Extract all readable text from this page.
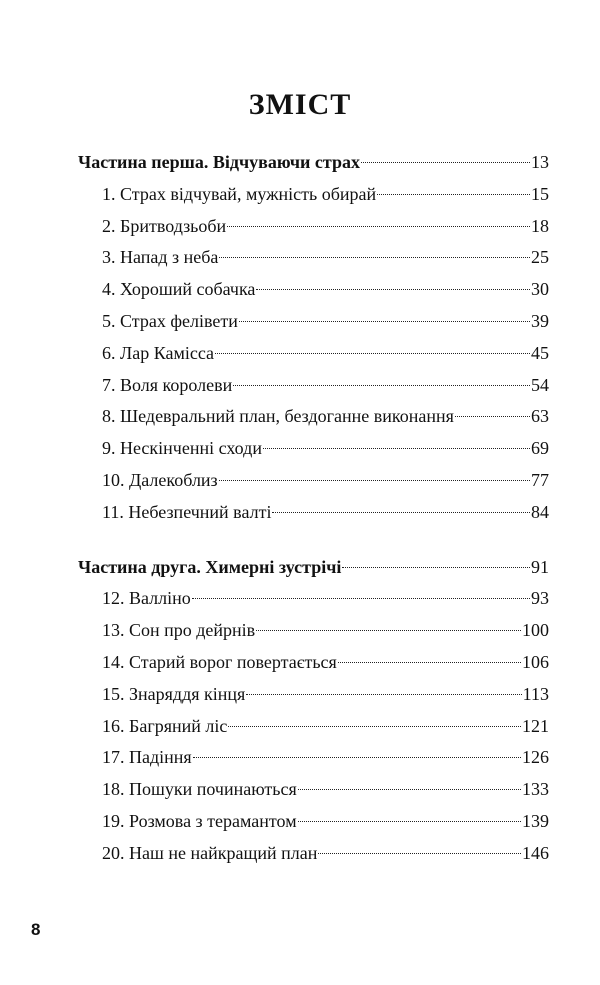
ЗМІСТ
Частина перша. Відчуваючи страх	13
1. Страх відчувай, мужність обирай	15
2. Бритводзьоби	18
3. Напад з неба	25
4. Хороший собачка	30
5. Страх фелівети	39
6. Лар Камісса	45
7. Воля королеви	54
8. Шедевральний план, бездоганне виконання	63
9. Нескінченні сходи	69
10. Далекоблиз	77
11. Небезпечний валті	84
Частина друга. Химерні зустрічі	91
12. Валліно	93
13. Сон про дейрнів	100
14. Старий ворог повертається	106
15. Знаряддя кінця	113
16. Багряний ліс	121
17. Падіння	126
18. Пошуки починаються	133
19. Розмова з терамантом	139
20. Наш не найкращий план	146
8
